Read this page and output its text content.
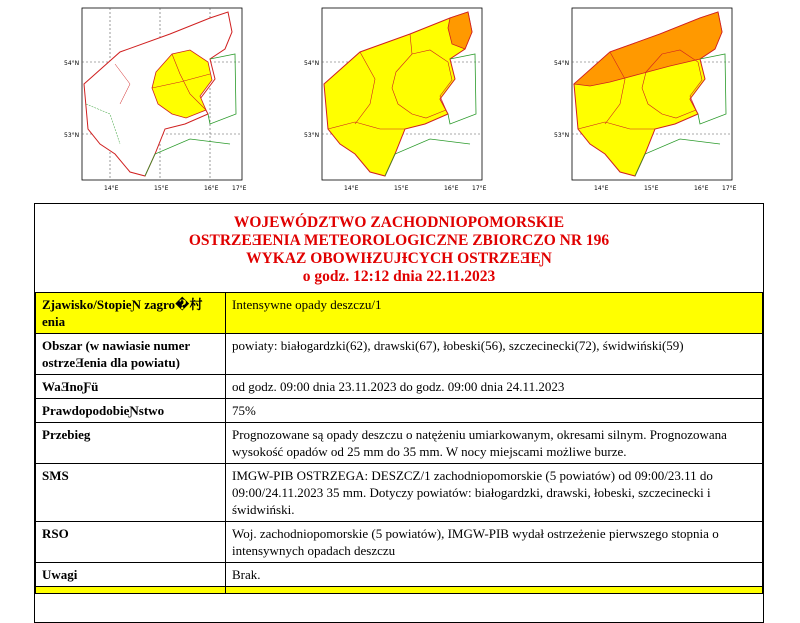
54°N
53°N
14°E	15°E	16°E 17°E
54°N
53°N
14°E	15°E	16°E 17°E
54°N
53°N
14°E	15°E	16°E 17°E
WOJEWÓDZTWO ZACHODNIOPOMORSKIE
OSTRZEƎENIA METEOROLOGICZNE ZBIORCZO NR 196
WYKAZ OBOWIƗZUJƗCYCH OSTRZEƎEƝ
o godz. 12:12 dnia 22.11.2023
Zjawisko/StopieƝ zagro�村enia	Intensywne opady deszczu/1
Obszar (w nawiasie numer ostrzeƎenia dla powiatu)	powiaty: białogardzki(62), drawski(67), łobeski(56), szczecinecki(72), świdwiński(59)
WaƎnoƑü	od godz. 09:00 dnia 23.11.2023 do godz. 09:00 dnia 24.11.2023
PrawdopodobieƝstwo	75%
Przebieg	Prognozowane są opady deszczu o natężeniu umiarkowanym, okresami silnym. Prognozowana wysokość opadów od 25 mm do 35 mm. W nocy miejscami możliwe burze.
SMS	IMGW-PIB OSTRZEGA: DESZCZ/1 zachodniopomorskie (5 powiatów) od 09:00/23.11 do 09:00/24.11.2023 35 mm. Dotyczy powiatów: białogardzki, drawski, łobeski, szczecinecki i świdwiński.
RSO	Woj. zachodniopomorskie (5 powiatów), IMGW-PIB wydał ostrzeżenie pierwszego stopnia o intensywnych opadach deszczu
Uwagi	Brak.
